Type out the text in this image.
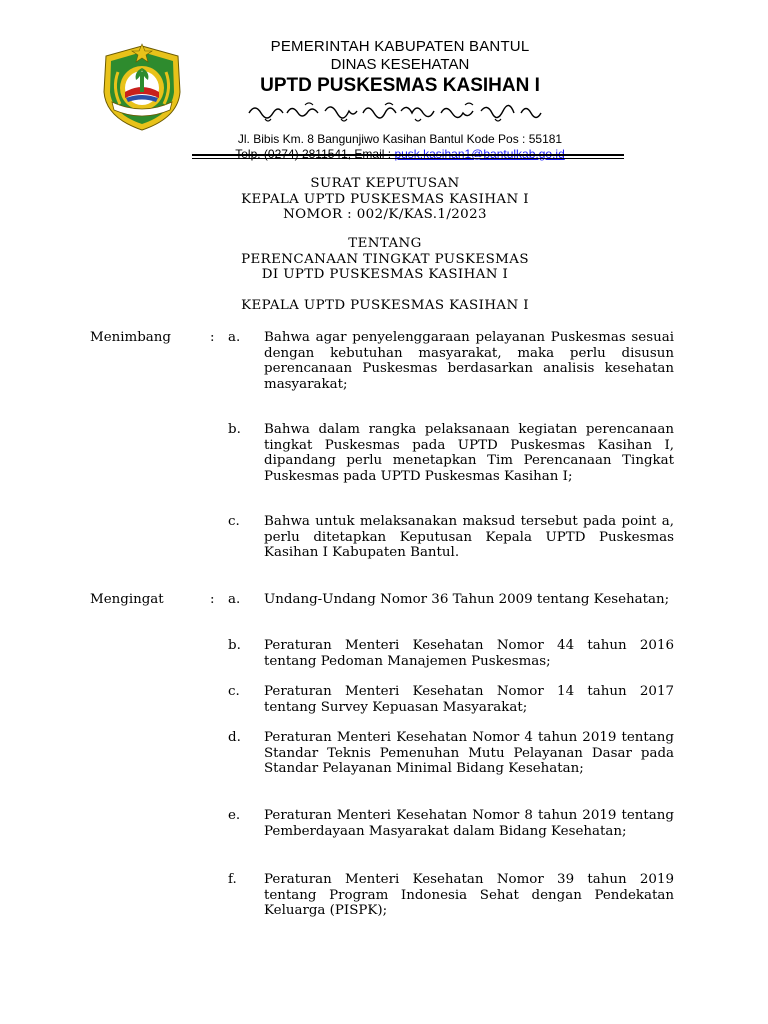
PEMERINTAH KABUPATEN BANTUL
DINAS KESEHATAN
UPTD PUSKESMAS KASIHAN I
Jl. Bibis Km. 8 Bangunjiwo Kasihan Bantul Kode Pos : 55181
SURAT KEPUTUSAN
KEPALA UPTD PUSKESMAS KASIHAN I
NOMOR : 002/K/KAS.1/2023
TENTANG
PERENCANAAN TINGKAT PUSKESMAS
DI UPTD PUSKESMAS KASIHAN I
KEPALA UPTD PUSKESMAS KASIHAN I
Menimbang	: a. Bahwa agar penyelenggaraan pelayanan Puskesmas sesuai dengan kebutuhan masyarakat, maka perlu disusun perencanaan Puskesmas berdasarkan analisis kesehatan masyarakat;
b. Bahwa dalam rangka pelaksanaan kegiatan perencanaan tingkat Puskesmas pada UPTD Puskesmas Kasihan I, dipandang perlu menetapkan Tim Perencanaan Tingkat Puskesmas pada UPTD Puskesmas Kasihan I;
c. Bahwa untuk melaksanakan maksud tersebut pada point a, perlu ditetapkan Keputusan Kepala UPTD Puskesmas Kasihan I Kabupaten Bantul.
Mengingat	: a. Undang-Undang Nomor 36 Tahun 2009 tentang Kesehatan;
b. Peraturan Menteri Kesehatan Nomor 44 tahun 2016 tentang Pedoman Manajemen Puskesmas;
c. Peraturan Menteri Kesehatan Nomor 14 tahun 2017 tentang Survey Kepuasan Masyarakat;
d. Peraturan Menteri Kesehatan Nomor 4 tahun 2019 tentang Standar Teknis Pemenuhan Mutu Pelayanan Dasar pada Standar Pelayanan Minimal Bidang Kesehatan;
e. Peraturan Menteri Kesehatan Nomor 8 tahun 2019 tentang Pemberdayaan Masyarakat dalam Bidang Kesehatan;
f. Peraturan Menteri Kesehatan Nomor 39 tahun 2019 tentang Program Indonesia Sehat dengan Pendekatan Keluarga (PISPK);
